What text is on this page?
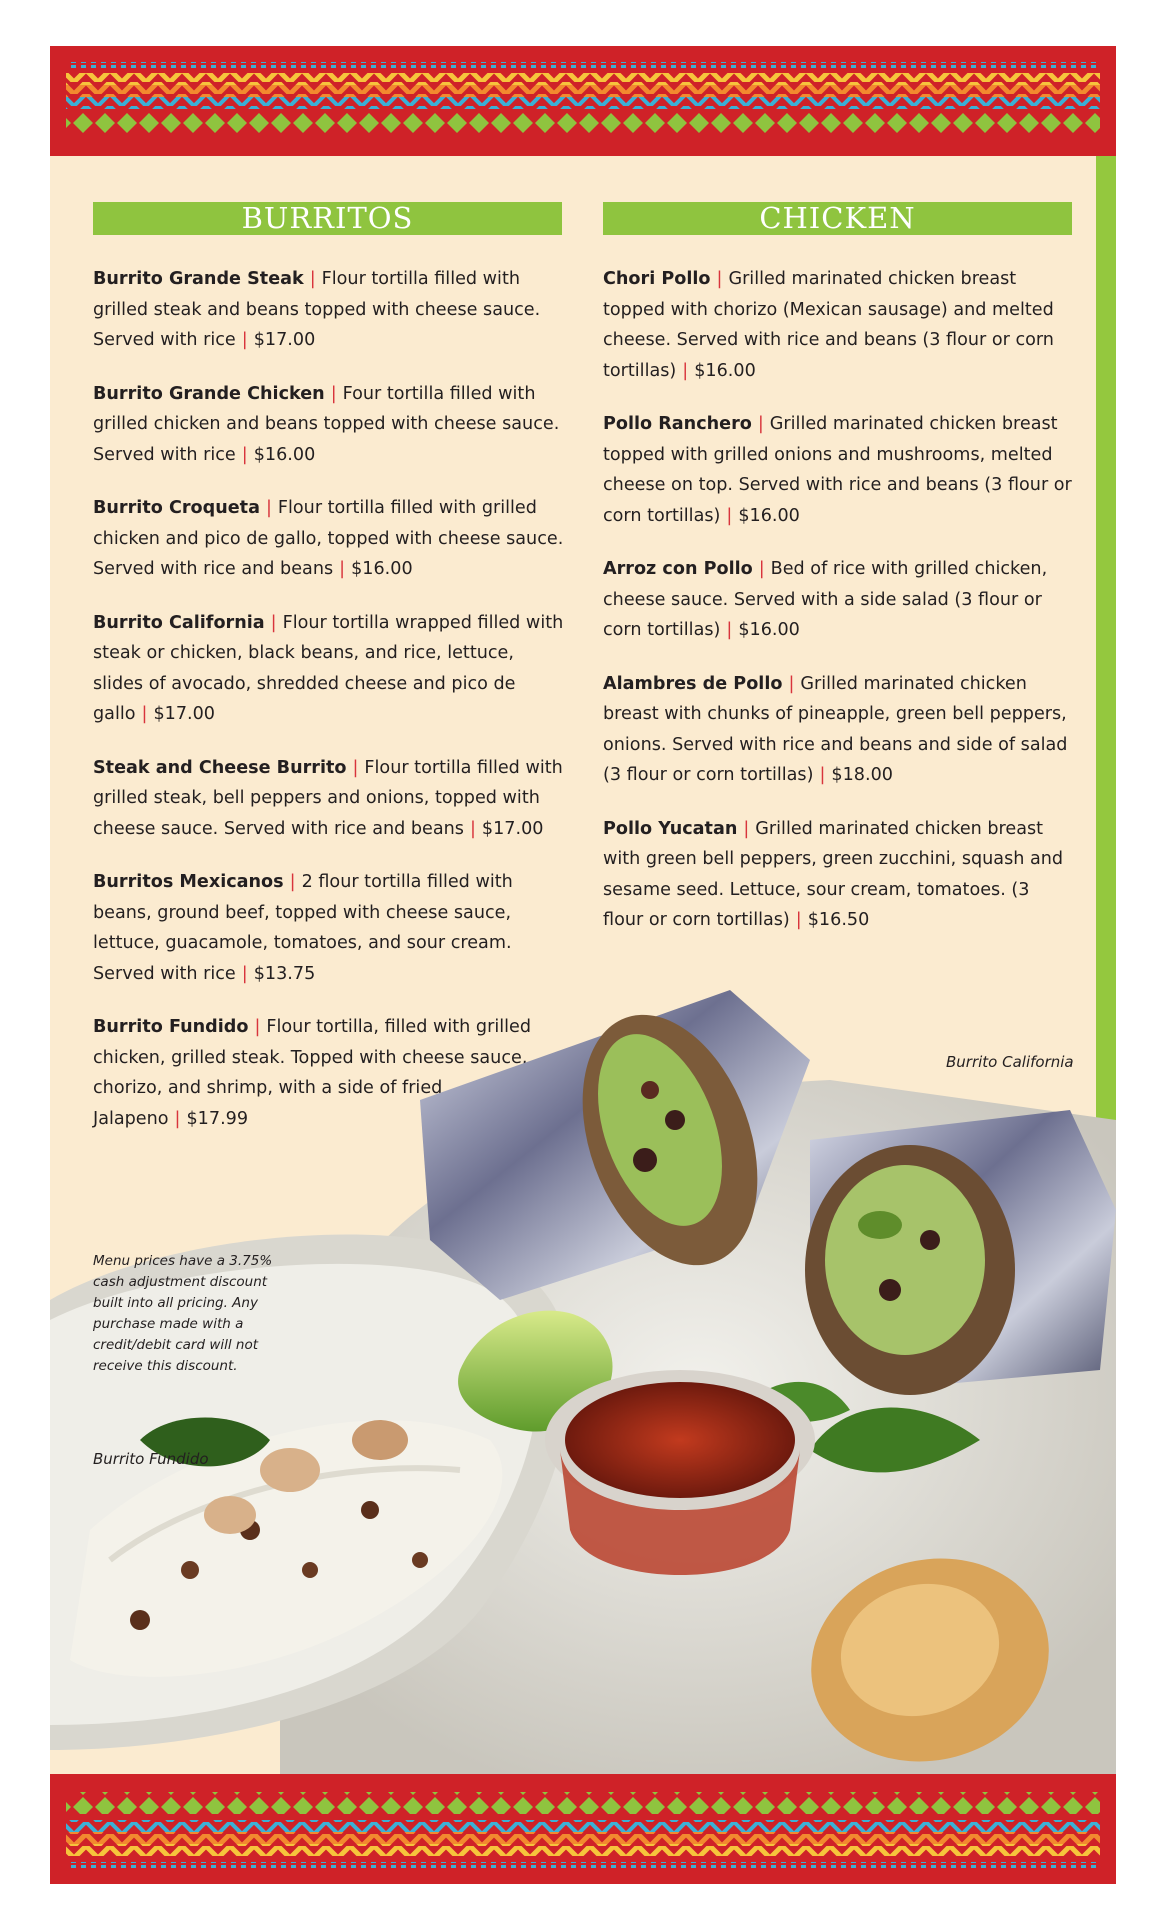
BURRITOS	CHICKEN
Burrito Grande Steak | Flour tortilla filled with grilled steak and beans topped with cheese sauce. Served with rice | $17.00
Burrito Grande Chicken | Four tortilla filled with grilled chicken and beans topped with cheese sauce. Served with rice | $16.00
Burrito Croqueta | Flour tortilla filled with grilled chicken and pico de gallo, topped with cheese sauce. Served with rice and beans | $16.00
Burrito California | Flour tortilla wrapped filled with steak or chicken, black beans, and rice, lettuce, slides of avocado, shredded cheese and pico de gallo | $17.00
Steak and Cheese Burrito | Flour tortilla filled with grilled steak, bell peppers and onions, topped with cheese sauce. Served with rice and beans | $17.00
Burritos Mexicanos | 2 flour tortilla filled with beans, ground beef, topped with cheese sauce, lettuce, guacamole, tomatoes, and sour cream. Served with rice | $13.75
Burrito Fundido | Flour tortilla, filled with grilled chicken, grilled steak. Topped with cheese sauce, chorizo, and shrimp, with a side of fried Jalapeno | $17.99
Chori Pollo | Grilled marinated chicken breast topped with chorizo (Mexican sausage) and melted cheese. Served with rice and beans (3 flour or corn tortillas) | $16.00
Pollo Ranchero | Grilled marinated chicken breast topped with grilled onions and mushrooms, melted cheese on top. Served with rice and beans (3 flour or corn tortillas) | $16.00
Arroz con Pollo | Bed of rice with grilled chicken, cheese sauce. Served with a side salad (3 flour or corn tortillas) | $16.00
Alambres de Pollo | Grilled marinated chicken breast with chunks of pineapple, green bell peppers, onions. Served with rice and beans and side of salad (3 flour or corn tortillas) | $18.00
Pollo Yucatan | Grilled marinated chicken breast with green bell peppers, green zucchini, squash and sesame seed. Lettuce, sour cream, tomatoes. (3 flour or corn tortillas) | $16.50
Burrito California
Burrito Fundido
Menu prices have a 3.75% cash adjustment discount built into all pricing. Any purchase made with a credit/debit card will not receive this discount.
